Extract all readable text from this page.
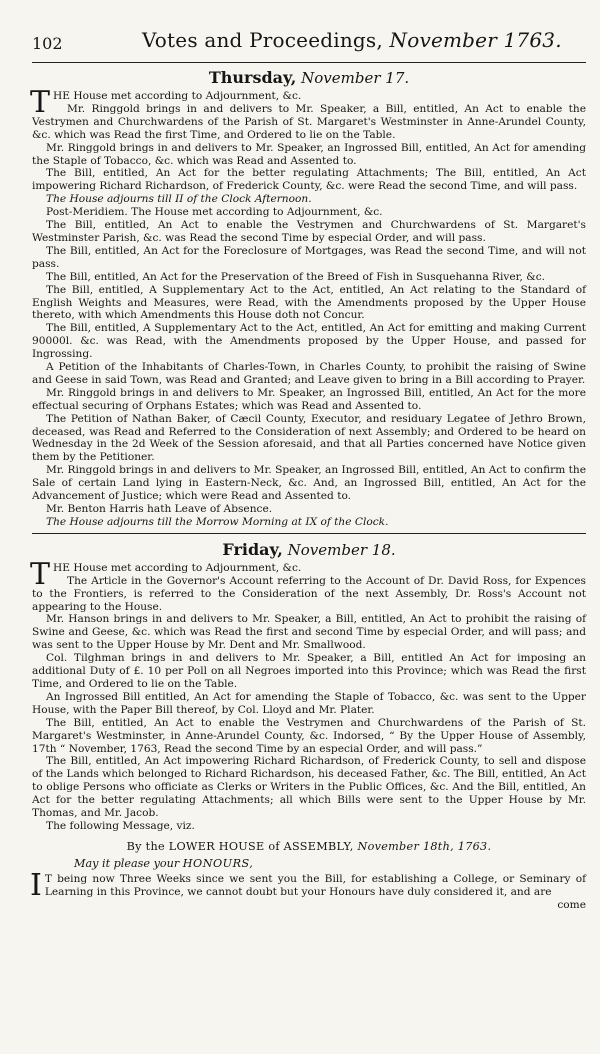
102	Votes and Proceedings, November 1763.
Thursday, November 17.

THE House met according to Adjournment, &c.

Mr. Ringgold brings in and delivers to Mr. Speaker, a Bill, entitled, An Act to enable the Vestrymen and Churchwardens of the Parish of St. Margaret's Westminster in Anne-Arundel County, &c. which was Read the first Time, and Ordered to lie on the Table.

Mr. Ringgold brings in and delivers to Mr. Speaker, an Ingrossed Bill, entitled, An Act for amending the Staple of Tobacco, &c. which was Read and Assented to.

The Bill, entitled, An Act for the better regulating Attachments; The Bill, entitled, An Act impowering Richard Richardson, of Frederick County, &c. were Read the second Time, and will pass.

The House adjourns till II of the Clock Afternoon.

Post-Meridiem. The House met according to Adjournment, &c.

The Bill, entitled, An Act to enable the Vestrymen and Churchwardens of St. Margaret's Westminster Parish, &c. was Read the second Time by especial Order, and will pass.

The Bill, entitled, An Act for the Foreclosure of Mortgages, was Read the second Time, and will not pass.

The Bill, entitled, An Act for the Preservation of the Breed of Fish in Susquehanna River, &c.

The Bill, entitled, A Supplementary Act to the Act, entitled, An Act relating to the Standard of English Weights and Measures, were Read, with the Amendments proposed by the Upper House thereto, with which Amendments this House doth not Concur.

The Bill, entitled, A Supplementary Act to the Act, entitled, An Act for emitting and making Current 90000l. &c. was Read, with the Amendments proposed by the Upper House, and passed for Ingrossing.

A Petition of the Inhabitants of Charles-Town, in Charles County, to prohibit the raising of Swine and Geese in said Town, was Read and Granted; and Leave given to bring in a Bill according to Prayer.

Mr. Ringgold brings in and delivers to Mr. Speaker, an Ingrossed Bill, entitled, An Act for the more effectual securing of Orphans Estates; which was Read and Assented to.

The Petition of Nathan Baker, of Cæcil County, Executor, and residuary Legatee of Jethro Brown, deceased, was Read and Referred to the Consideration of next Assembly; and Ordered to be heard on Wednesday in the 2d Week of the Session aforesaid, and that all Parties concerned have Notice given them by the Petitioner.

Mr. Ringgold brings in and delivers to Mr. Speaker, an Ingrossed Bill, entitled, An Act to confirm the Sale of certain Land lying in Eastern-Neck, &c. And, an Ingrossed Bill, entitled, An Act for the Advancement of Justice; which were Read and Assented to.

Mr. Benton Harris hath Leave of Absence.

The House adjourns till the Morrow Morning at IX of the Clock.

Friday, November 18.

THE House met according to Adjournment, &c.

The Article in the Governor's Account referring to the Account of Dr. David Ross, for Expences to the Frontiers, is referred to the Consideration of the next Assembly, Dr. Ross's Account not appearing to the House.

Mr. Hanson brings in and delivers to Mr. Speaker, a Bill, entitled, An Act to prohibit the raising of Swine and Geese, &c. which was Read the first and second Time by especial Order, and will pass; and was sent to the Upper House by Mr. Dent and Mr. Smallwood.

Col. Tilghman brings in and delivers to Mr. Speaker, a Bill, entitled An Act for imposing an additional Duty of £. 10 per Poll on all Negroes imported into this Province; which was Read the first Time, and Ordered to lie on the Table.

An Ingrossed Bill entitled, An Act for amending the Staple of Tobacco, &c. was sent to the Upper House, with the Paper Bill thereof, by Col. Lloyd and Mr. Plater.

The Bill, entitled, An Act to enable the Vestrymen and Churchwardens of the Parish of St. Margaret's Westminster, in Anne-Arundel County, &c. Indorsed, “ By the Upper House of Assembly, 17th “ November, 1763, Read the second Time by an especial Order, and will pass.”

The Bill, entitled, An Act impowering Richard Richardson, of Frederick County, to sell and dispose of the Lands which belonged to Richard Richardson, his deceased Father, &c. The Bill, entitled, An Act to oblige Persons who officiate as Clerks or Writers in the Public Offices, &c. And the Bill, entitled, An Act for the better regulating Attachments; all which Bills were sent to the Upper House by Mr. Thomas, and Mr. Jacob.

The following Message, viz.

By the LOWER HOUSE of ASSEMBLY, November 18th, 1763.
May it please your HONOURS,

I T being now Three Weeks since we sent you the Bill, for establishing a College, or Seminary of Learning in this Province, we cannot doubt but your Honours have duly considered it, and are

come
